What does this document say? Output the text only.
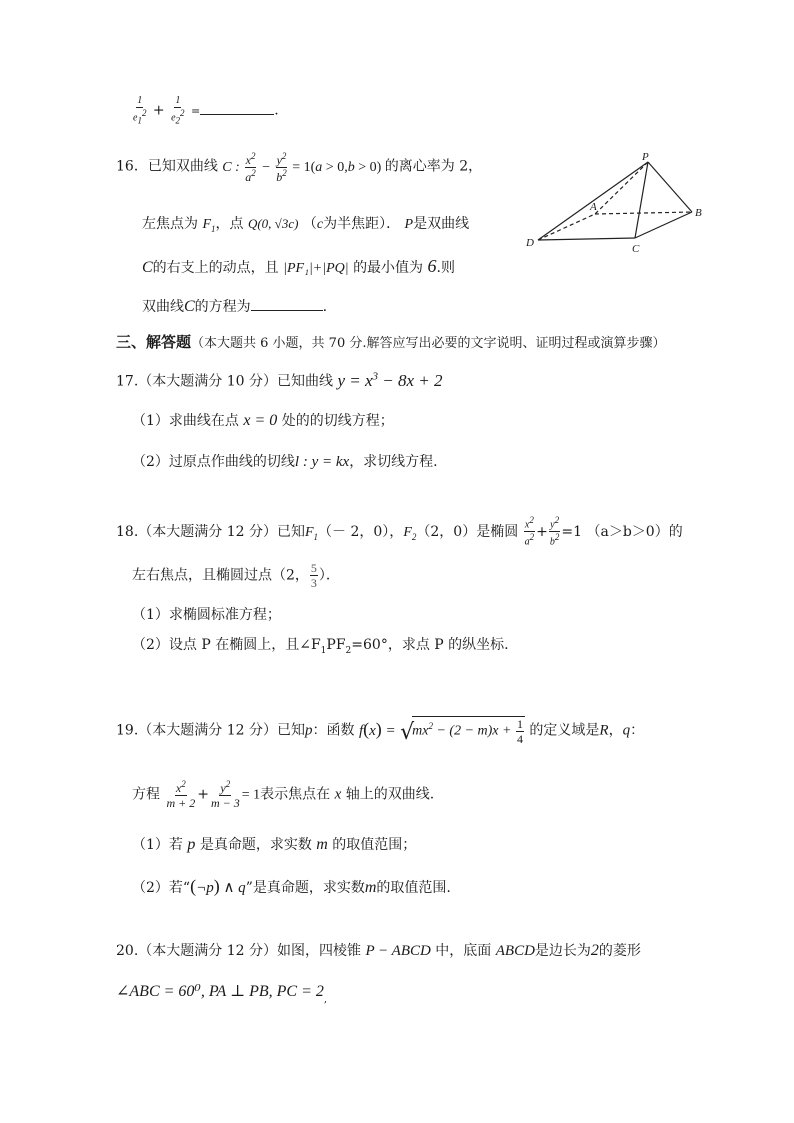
$\frac{1}{e_1^2} + \frac{1}{e_2^2}$ =	.
16．已知双曲线 C : $\frac{x^2}{a^2} - \frac{y^2}{b^2} = 1(a > 0,b > 0)$ 的离心率为 2，
左焦点为 $F_1$，点 Q(0, √3c) （c为半焦距）． P是双曲线
C的右支上的动点，且 |PF₁|+|PQ| 的最小值为 6.则
双曲线C的方程为	.
P
A	B
D	C
三、解答题（本大题共 6 小题，共 70 分.解答应写出必要的文字说明、证明过程或演算步骤）
17.（本大题满分 10 分）已知曲线 $y = x^3 - 8x + 2$
（1）求曲线在点 x = 0 处的的切线方程；
（2）过原点作曲线的切线l : y = kx，求切线方程.
18.（本大题满分 12 分）已知$F_1(- 2$，0），$F_2(2$，0）是椭圆 $\frac{x^2}{a^2} + \frac{y^2}{b^2} =1$ （a＞b＞0）的
左右焦点，且椭圆过点（2， $\frac{5}{3}$ ）．
（1）求椭圆标准方程；
（2）设点 P 在椭圆上，且$\angle F_1PF_2=60^\circ$，求点 P 的纵坐标.
19.（本大题满分 12 分）已知p：函数 $f(x) = √mx^2 - (2 - m)x + \frac{1}{4}$ 的定义域是R，q：
方程 $\frac{x^2}{m + 2} + \frac{y^2}{m - 3} = 1$表示焦点在 x 轴上的双曲线.
（1）若 p 是真命题，求实数 m 的取值范围；
（2）若“(¬p) ∧ q”是真命题，求实数m的取值范围.
20.（本大题满分 12 分）如图，四棱锥 P − ABCD 中，底面 ABCD是边长为2的菱形
∠ABC = 60⁰, PA ⊥ PB, PC = $2_,$
